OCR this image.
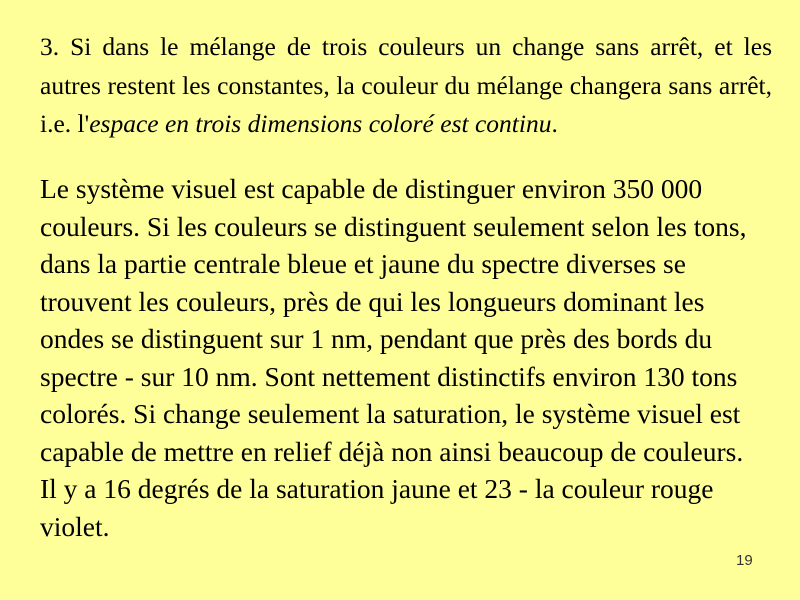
3. Si dans le mélange de trois couleurs un change sans arrêt, et les autres restent les constantes, la couleur du mélange changera sans arrêt, i.e. l'espace en trois dimensions coloré est continu.

Le système visuel est capable de distinguer environ 350 000 couleurs. Si les couleurs se distinguent seulement selon les tons, dans la partie centrale bleue et jaune du spectre diverses se trouvent les couleurs, près de qui les longueurs dominant les ondes se distinguent sur 1 nm, pendant que près des bords du spectre - sur 10 nm. Sont nettement distinctifs environ 130 tons colorés. Si change seulement la saturation, le système visuel est capable de mettre en relief déjà non ainsi beaucoup de couleurs. Il y a 16 degrés de la saturation jaune et 23 - la couleur rouge violet.

19
